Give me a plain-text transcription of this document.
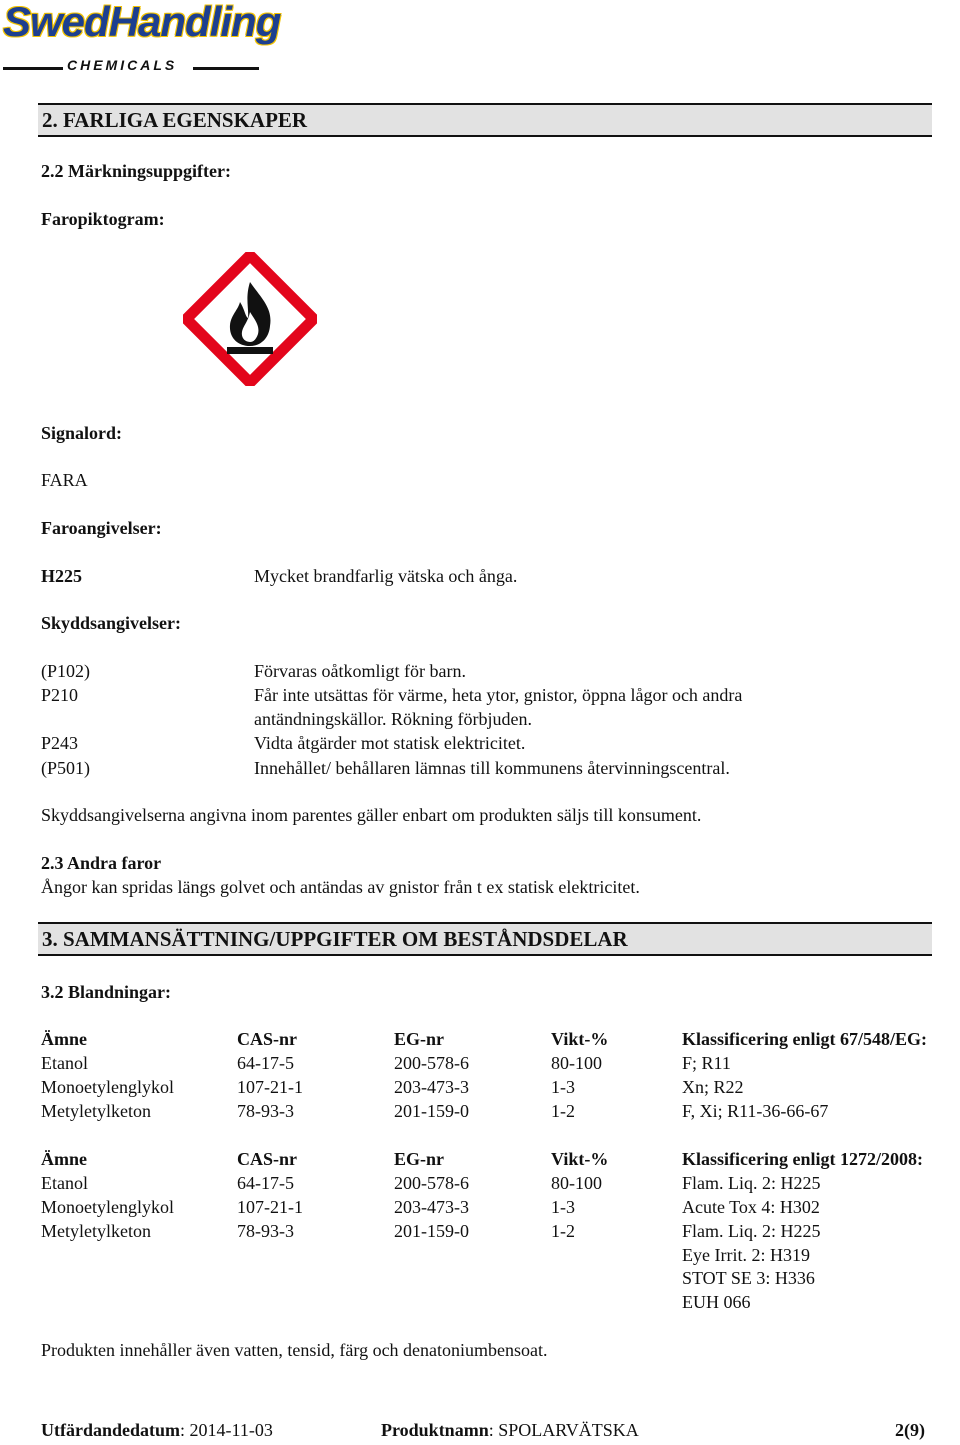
SwedHandling
CHEMICALS
2. FARLIGA EGENSKAPER
2.2 Märkningsuppgifter:
Faropiktogram:
Signalord:
FARA
Faroangivelser:
H225	Mycket brandfarlig vätska och ånga.
Skyddsangivelser:
(P102)	Förvaras oåtkomligt för barn.
P210	Får inte utsättas för värme, heta ytor, gnistor, öppna lågor och andra
antändningskällor. Rökning förbjuden.
P243	Vidta åtgärder mot statisk elektricitet.
(P501)	Innehållet/ behållaren lämnas till kommunens återvinningscentral.
Skyddsangivelserna angivna inom parentes gäller enbart om produkten säljs till konsument.
2.3 Andra faror
Ångor kan spridas längs golvet och antändas av gnistor från t ex statisk elektricitet.
3. SAMMANSÄTTNING/UPPGIFTER OM BESTÅNDSDELAR
3.2 Blandningar:
Ämne	CAS-nr	EG-nr	Vikt-%	Klassificering enligt 67/548/EG:
Etanol	64-17-5	200-578-6	80-100	F; R11
Monoetylenglykol	107-21-1	203-473-3	1-3	Xn; R22
Metyletylketon	78-93-3	201-159-0	1-2	F, Xi; R11-36-66-67
Ämne	CAS-nr	EG-nr	Vikt-%	Klassificering enligt 1272/2008:
Etanol	64-17-5	200-578-6	80-100	Flam. Liq. 2: H225
Monoetylenglykol	107-21-1	203-473-3	1-3	Acute Tox 4: H302
Metyletylketon	78-93-3	201-159-0	1-2	Flam. Liq. 2: H225
Eye Irrit. 2: H319
STOT SE 3: H336
EUH 066
Produkten innehåller även vatten, tensid, färg och denatoniumbensoat.
Utfärdandedatum: 2014-11-03	Produktnamn: SPOLARVÄTSKA	2(9)
